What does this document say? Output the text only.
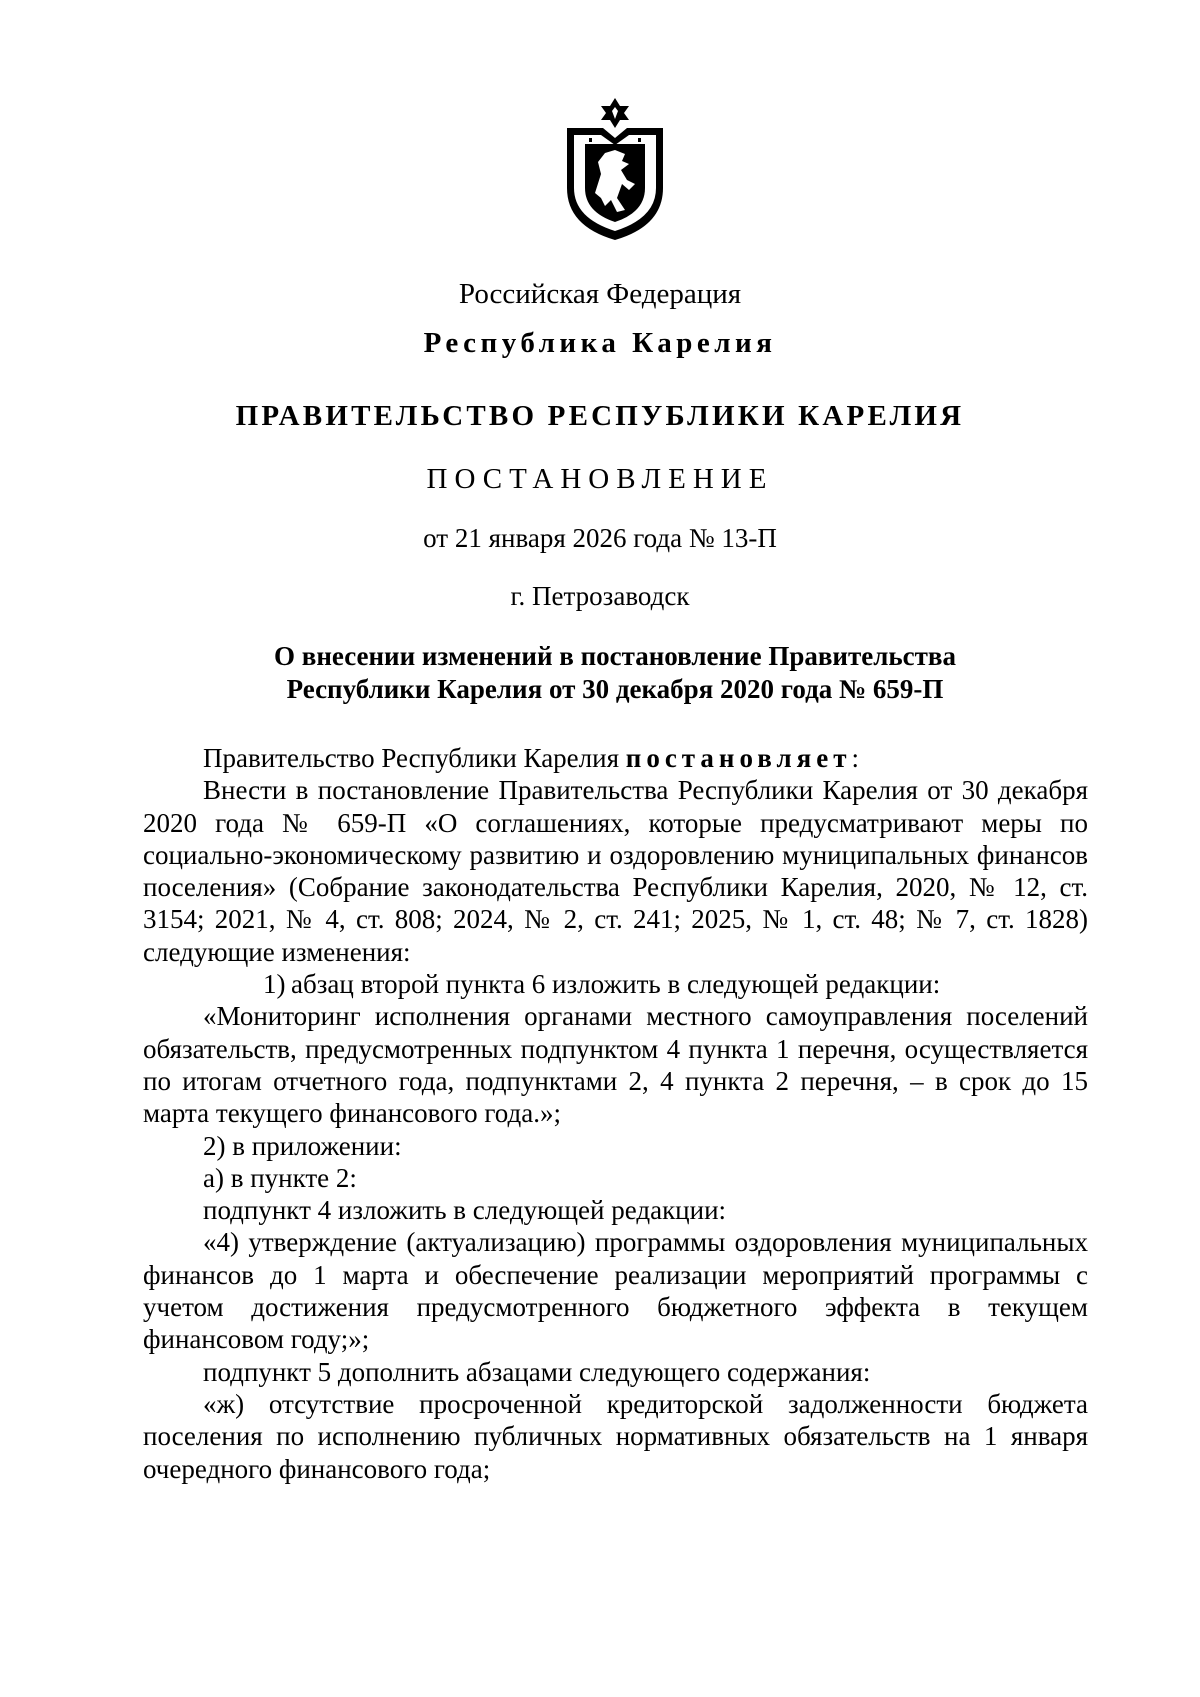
Российская Федерация
Республика Карелия
ПРАВИТЕЛЬСТВО РЕСПУБЛИКИ КАРЕЛИЯ
ПОСТАНОВЛЕНИЕ
от 21 января 2026 года № 13-П
г. Петрозаводск
О внесении изменений в постановление Правительства
Республики Карелия от 30 декабря 2020 года № 659-П

Правительство Республики Карелия постановляет:

Внести в постановление Правительства Республики Карелия от 30 декабря 2020 года № 659-П «О соглашениях, которые предусматривают меры по социально-экономическому развитию и оздоровлению муниципальных финансов поселения» (Собрание законодательства Республики Карелия, 2020, № 12, ст. 3154; 2021, № 4, ст. 808; 2024, № 2, ст. 241; 2025, № 1, ст. 48; № 7, ст. 1828) следующие изменения:

1) абзац второй пункта 6 изложить в следующей редакции:

«Мониторинг исполнения органами местного самоуправления поселений обязательств, предусмотренных подпунктом 4 пункта 1 перечня, осуществляется по итогам отчетного года, подпунктами 2, 4 пункта 2 перечня, – в срок до 15 марта текущего финансового года.»;

2) в приложении:

а) в пункте 2:

подпункт 4 изложить в следующей редакции:

«4) утверждение (актуализацию) программы оздоровления муниципальных финансов до 1 марта и обеспечение реализации мероприятий программы с учетом достижения предусмотренного бюджетного эффекта в текущем финансовом году;»;

подпункт 5 дополнить абзацами следующего содержания:

«ж) отсутствие просроченной кредиторской задолженности бюджета поселения по исполнению публичных нормативных обязательств на 1 января очередного финансового года;
